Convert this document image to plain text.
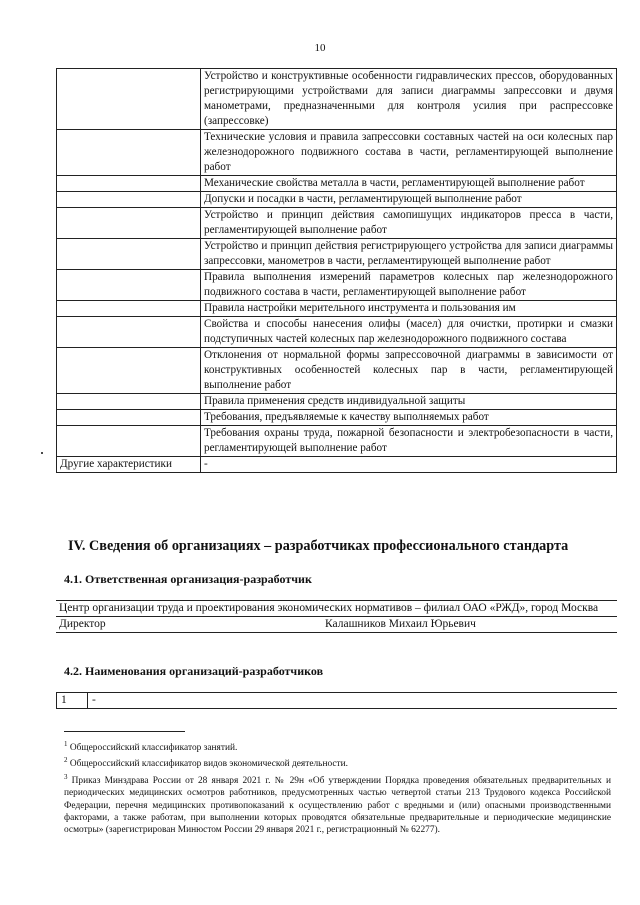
10
	Устройство и конструктивные особенности гидравлических прессов, оборудованных регистрирующими устройствами для записи диаграммы запрессовки и двумя манометрами, предназначенными для контроля усилия при распрессовке (запрессовке)
	Технические условия и правила запрессовки составных частей на оси колесных пар железнодорожного подвижного состава в части, регламентирующей выполнение работ
	Механические свойства металла в части, регламентирующей выполнение работ
	Допуски и посадки в части, регламентирующей выполнение работ
	Устройство и принцип действия самопишущих индикаторов пресса в части, регламентирующей выполнение работ
	Устройство и принцип действия регистрирующего устройства для записи диаграммы запрессовки, манометров в части, регламентирующей выполнение работ
	Правила выполнения измерений параметров колесных пар железнодорожного подвижного состава в части, регламентирующей выполнение работ
	Правила настройки мерительного инструмента и пользования им
	Свойства и способы нанесения олифы (масел) для очистки, протирки и смазки подступичных частей колесных пар железнодорожного подвижного состава
	Отклонения от нормальной формы запрессовочной диаграммы в зависимости от конструктивных особенностей колесных пар в части, регламентирующей выполнение работ
	Правила применения средств индивидуальной защиты
	Требования, предъявляемые к качеству выполняемых работ
	Требования охраны труда, пожарной безопасности и электробезопасности в части, регламентирующей выполнение работ
Другие характеристики	-
IV. Сведения об организациях – разработчиках профессионального стандарта
4.1. Ответственная организация-разработчик
Центр организации труда и проектирования экономических нормативов – филиал ОАО «РЖД», город Москва
Директор	Калашников Михаил Юрьевич
4.2. Наименования организаций-разработчиков
1	-

$^1$ Общероссийский классификатор занятий.

$^2$ Общероссийский классификатор видов экономической деятельности.

$^3$ Приказ Минздрава России от 28 января 2021 г. № 29н «Об утверждении Порядка проведения обязательных предварительных и периодических медицинских осмотров работников, предусмотренных частью четвертой статьи 213 Трудового кодекса Российской Федерации, перечня медицинских противопоказаний к осуществлению работ с вредными и (или) опасными производственными факторами, а также работам, при выполнении которых проводятся обязательные предварительные и периодические медицинские осмотры» (зарегистрирован Минюстом России 29 января 2021 г., регистрационный № 62277).
